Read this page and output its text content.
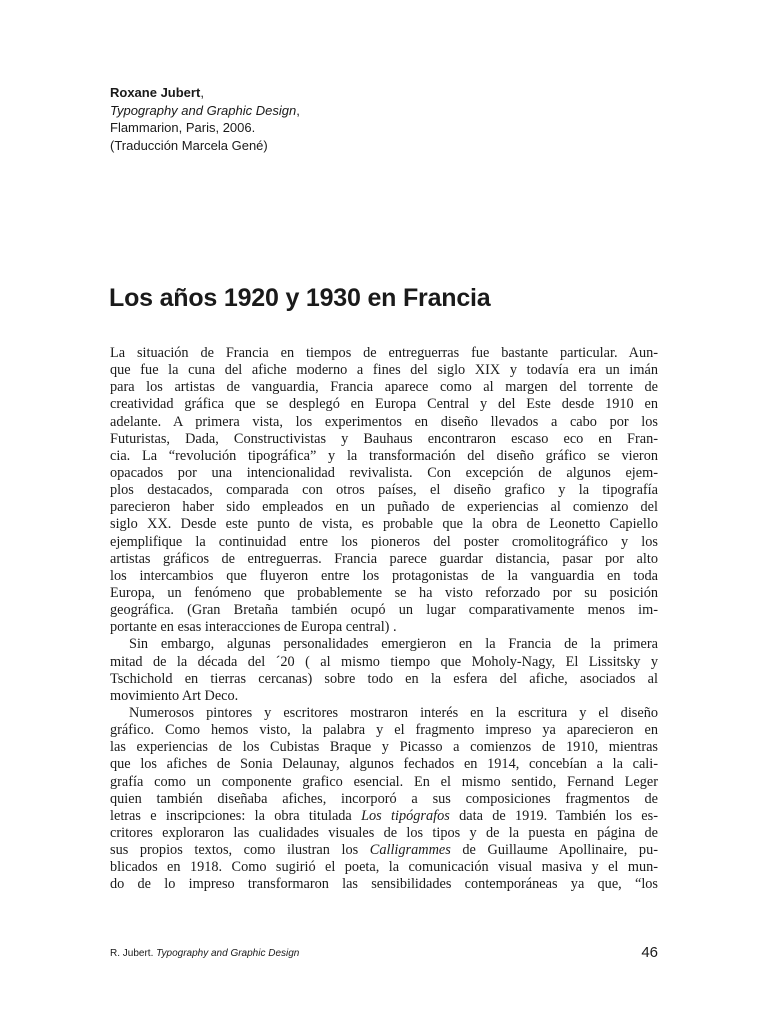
Roxane Jubert,
Typography and Graphic Design,
Flammarion, Paris, 2006.
(Traducción Marcela Gené)
Los años 1920 y 1930 en Francia
La situación de Francia en tiempos de entreguerras fue bastante particular. Aun-
que fue la cuna del afiche moderno a fines del siglo XIX y todavía era un imán
para los artistas de vanguardia, Francia aparece como al margen del torrente de
creatividad gráfica que se desplegó en Europa Central y del Este desde 1910 en
adelante. A primera vista, los experimentos en diseño llevados a cabo por los
Futuristas, Dada, Constructivistas y Bauhaus encontraron escaso eco en Fran-
cia. La “revolución tipográfica” y la transformación del diseño gráfico se vieron
opacados por una intencionalidad revivalista. Con excepción de algunos ejem-
plos destacados, comparada con otros países, el diseño grafico y la tipografía
parecieron haber sido empleados en un puñado de experiencias al comienzo del
siglo XX. Desde este punto de vista, es probable que la obra de Leonetto Capiello
ejemplifique la continuidad entre los pioneros del poster cromolitográfico y los
artistas gráficos de entreguerras. Francia parece guardar distancia, pasar por alto
los intercambios que fluyeron entre los protagonistas de la vanguardia en toda
Europa, un fenómeno que probablemente se ha visto reforzado por su posición
geográfica. (Gran Bretaña también ocupó un lugar comparativamente menos im-
portante en esas interacciones de Europa central) .
Sin embargo, algunas personalidades emergieron en la Francia de la primera
mitad de la década del ´20 ( al mismo tiempo que Moholy-Nagy, El Lissitsky y
Tschichold en tierras cercanas) sobre todo en la esfera del afiche, asociados al
movimiento Art Deco.
Numerosos pintores y escritores mostraron interés en la escritura y el diseño
gráfico. Como hemos visto, la palabra y el fragmento impreso ya aparecieron en
las experiencias de los Cubistas Braque y Picasso a comienzos de 1910, mientras
que los afiches de Sonia Delaunay, algunos fechados en 1914, concebían a la cali-
grafía como un componente grafico esencial. En el mismo sentido, Fernand Leger
quien también diseñaba afiches, incorporó a sus composiciones fragmentos de
letras e inscripciones: la obra titulada Los tipógrafos data de 1919. También los es-
critores exploraron las cualidades visuales de los tipos y de la puesta en página de
sus propios textos, como ilustran los Calligrammes de Guillaume Apollinaire, pu-
blicados en 1918. Como sugirió el poeta, la comunicación visual masiva y el mun-
do de lo impreso transformaron las sensibilidades contemporáneas ya que, “los
R. Jubert. Typography and Graphic Design	46
